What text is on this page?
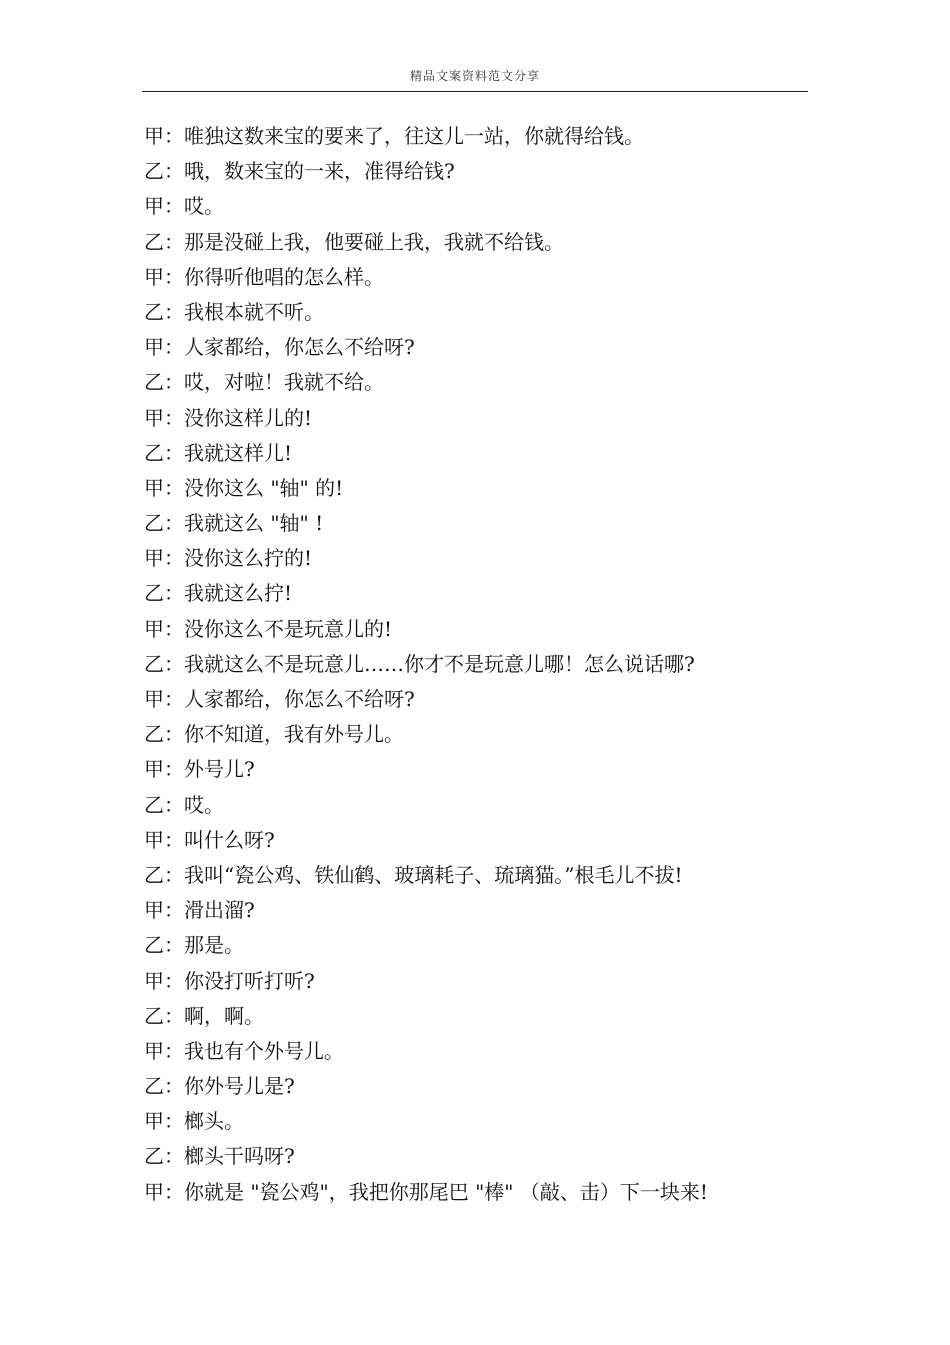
精品文案资料范文分享
甲：唯独这数来宝的要来了，往这儿一站，你就得给钱。
乙：哦，数来宝的一来，准得给钱?
甲：哎。
乙：那是没碰上我，他要碰上我，我就不给钱。
甲：你得听他唱的怎么样。
乙：我根本就不听。
甲：人家都给，你怎么不给呀?
乙：哎，对啦！我就不给。
甲：没你这样儿的!
乙：我就这样儿!
甲：没你这么 "轴" 的!
乙：我就这么 "轴" !
甲：没你这么拧的!
乙：我就这么拧!
甲：没你这么不是玩意儿的!
乙：我就这么不是玩意儿……你才不是玩意儿哪！怎么说话哪?
甲：人家都给，你怎么不给呀?
乙：你不知道，我有外号儿。
甲：外号儿?
乙：哎。
甲：叫什么呀?
乙：我叫“瓷公鸡、铁仙鹤、玻璃耗子、琉璃猫。”根毛儿不拔!
甲：滑出溜?
乙：那是。
甲：你没打听打听?
乙：啊，啊。
甲：我也有个外号儿。
乙：你外号儿是?
甲：榔头。
乙：榔头干吗呀?
甲：你就是 "瓷公鸡"，我把你那尾巴 "棒" （敲、击）下一块来!
